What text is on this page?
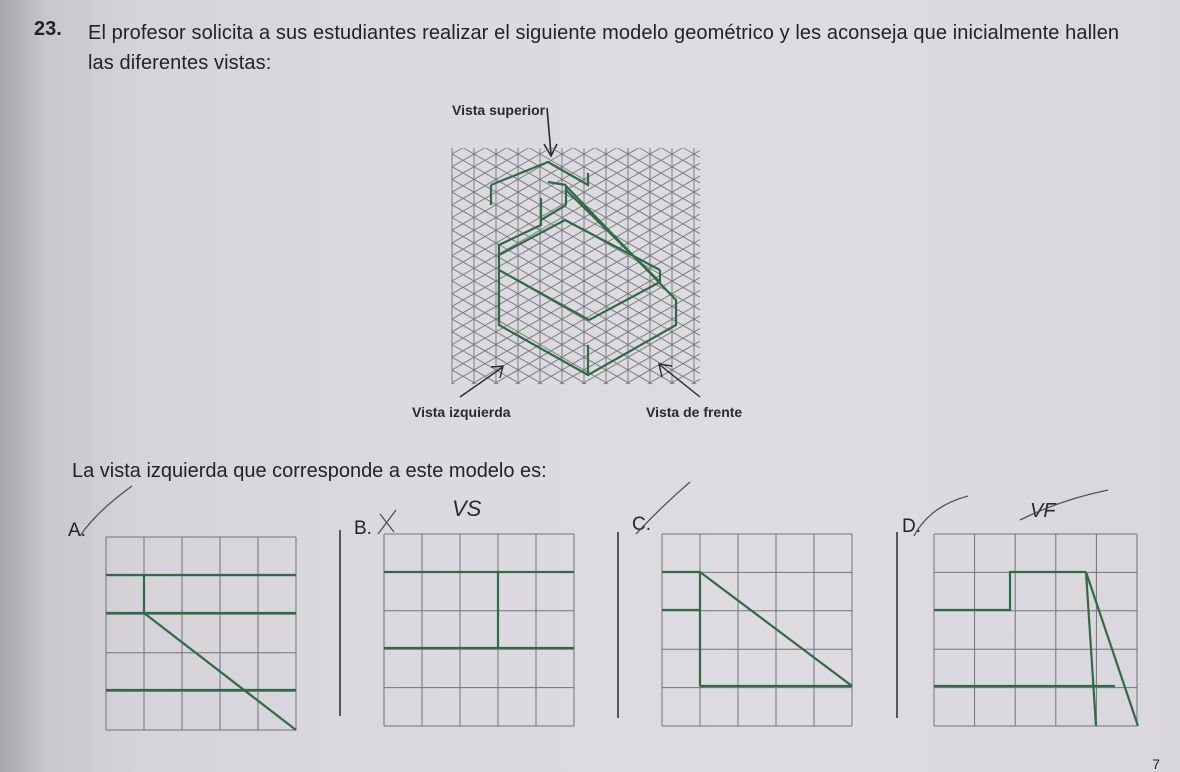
23. El profesor solicita a sus estudiantes realizar el siguiente modelo geométrico y les aconseja que inicialmente hallen las diferentes vistas:
Vista superior
Vista izquierda	Vista de frente
La vista izquierda que corresponde a este modelo es:
A.	B.
VS
C.	D.
VF
7
